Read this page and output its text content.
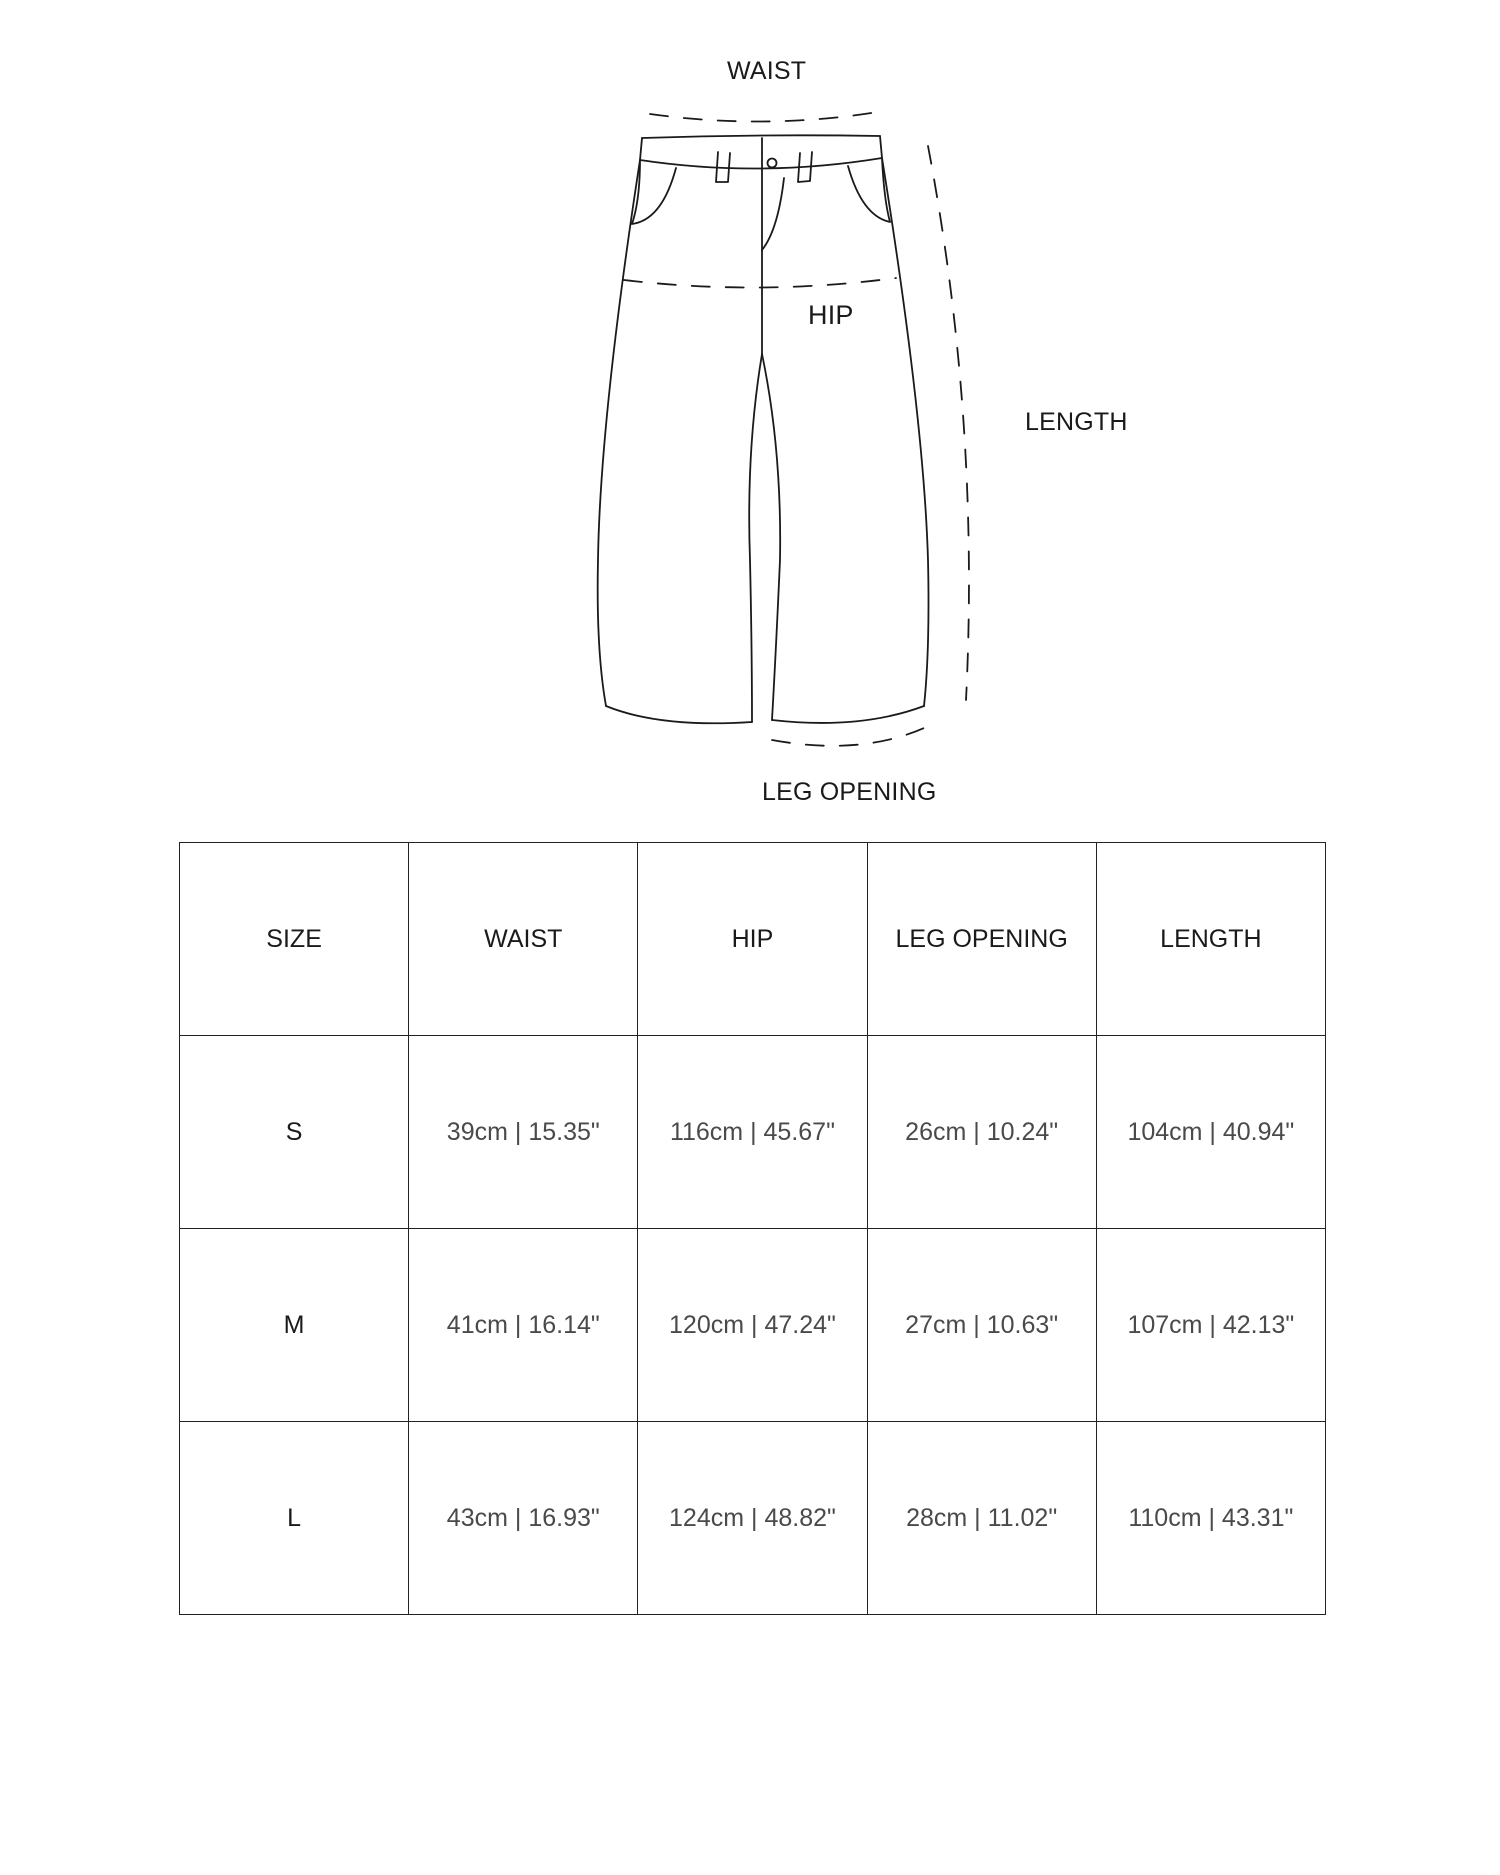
WAIST
HIP
LENGTH
LEG OPENING
SIZE	WAIST	HIP	LEG OPENING	LENGTH
S	39cm | 15.35"	116cm | 45.67"	26cm | 10.24"	104cm | 40.94"
M	41cm | 16.14"	120cm | 47.24"	27cm | 10.63"	107cm | 42.13"
L	43cm | 16.93"	124cm | 48.82"	28cm | 11.02"	110cm | 43.31"
